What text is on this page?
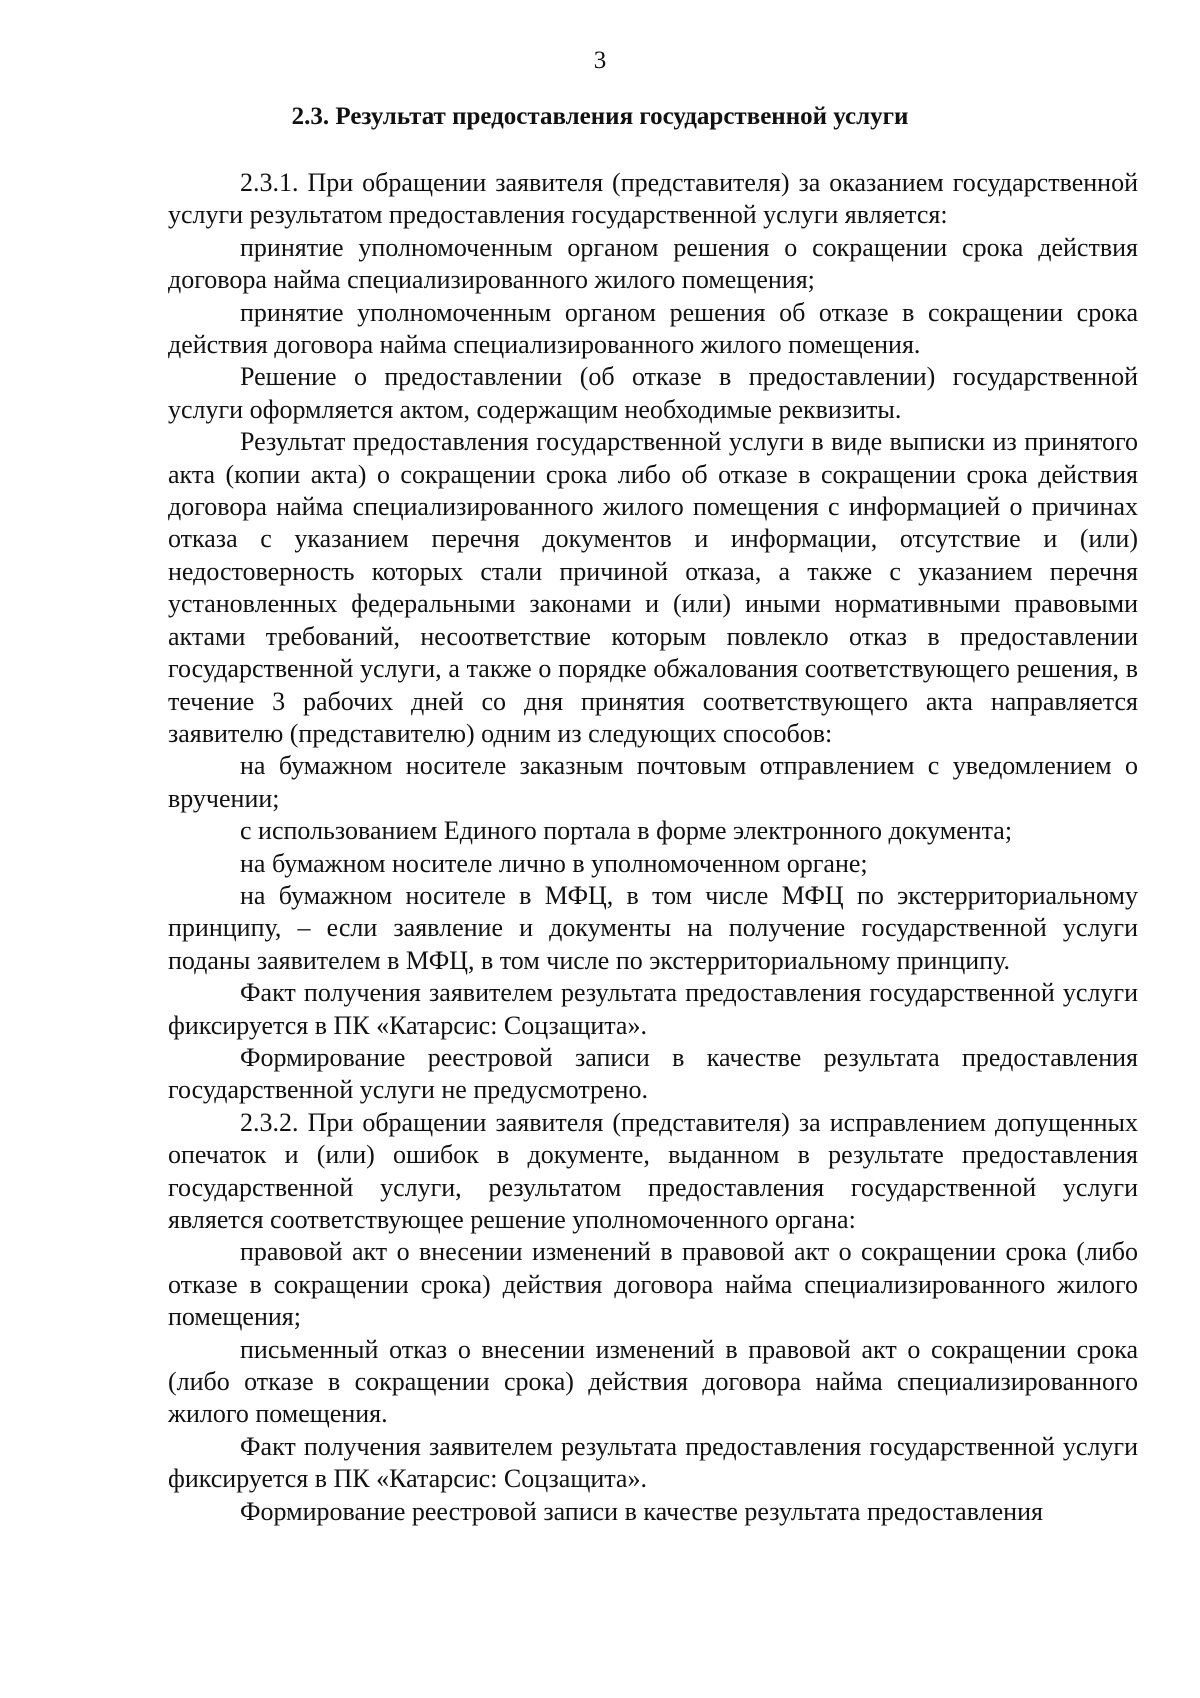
3
2.3. Результат предоставления государственной услуги

2.3.1. При обращении заявителя (представителя) за оказанием государственной услуги результатом предоставления государственной услуги является:

принятие уполномоченным органом решения о сокращении срока действия договора найма специализированного жилого помещения;

принятие уполномоченным органом решения об отказе в сокращении срока действия договора найма специализированного жилого помещения.

Решение о предоставлении (об отказе в предоставлении) государственной услуги оформляется актом, содержащим необходимые реквизиты.

Результат предоставления государственной услуги в виде выписки из принятого акта (копии акта) о сокращении срока либо об отказе в сокращении срока действия договора найма специализированного жилого помещения с информацией о причинах отказа с указанием перечня документов и информации, отсутствие и (или) недостоверность которых стали причиной отказа, а также с указанием перечня установленных федеральными законами и (или) иными нормативными правовыми актами требований, несоответствие которым повлекло отказ в предоставлении государственной услуги, а также о порядке обжалования соответствующего решения, в течение 3 рабочих дней со дня принятия соответствующего акта направляется заявителю (представителю) одним из следующих способов:

на бумажном носителе заказным почтовым отправлением с уведомлением о вручении;

с использованием Единого портала в форме электронного документа;

на бумажном носителе лично в уполномоченном органе;

на бумажном носителе в МФЦ, в том числе МФЦ по экстерриториальному принципу, – если заявление и документы на получение государственной услуги поданы заявителем в МФЦ, в том числе по экстерриториальному принципу.

Факт получения заявителем результата предоставления государственной услуги фиксируется в ПК «Катарсис: Соцзащита».

Формирование реестровой записи в качестве результата предоставления государственной услуги не предусмотрено.

2.3.2. При обращении заявителя (представителя) за исправлением допущенных опечаток и (или) ошибок в документе, выданном в результате предоставления государственной услуги, результатом предоставления государственной услуги является соответствующее решение уполномоченного органа:

правовой акт о внесении изменений в правовой акт о сокращении срока (либо отказе в сокращении срока) действия договора найма специализированного жилого помещения;

письменный отказ о внесении изменений в правовой акт о сокращении срока (либо отказе в сокращении срока) действия договора найма специализированного жилого помещения.

Факт получения заявителем результата предоставления государственной услуги фиксируется в ПК «Катарсис: Соцзащита».

Формирование реестровой записи в качестве результата предоставления
